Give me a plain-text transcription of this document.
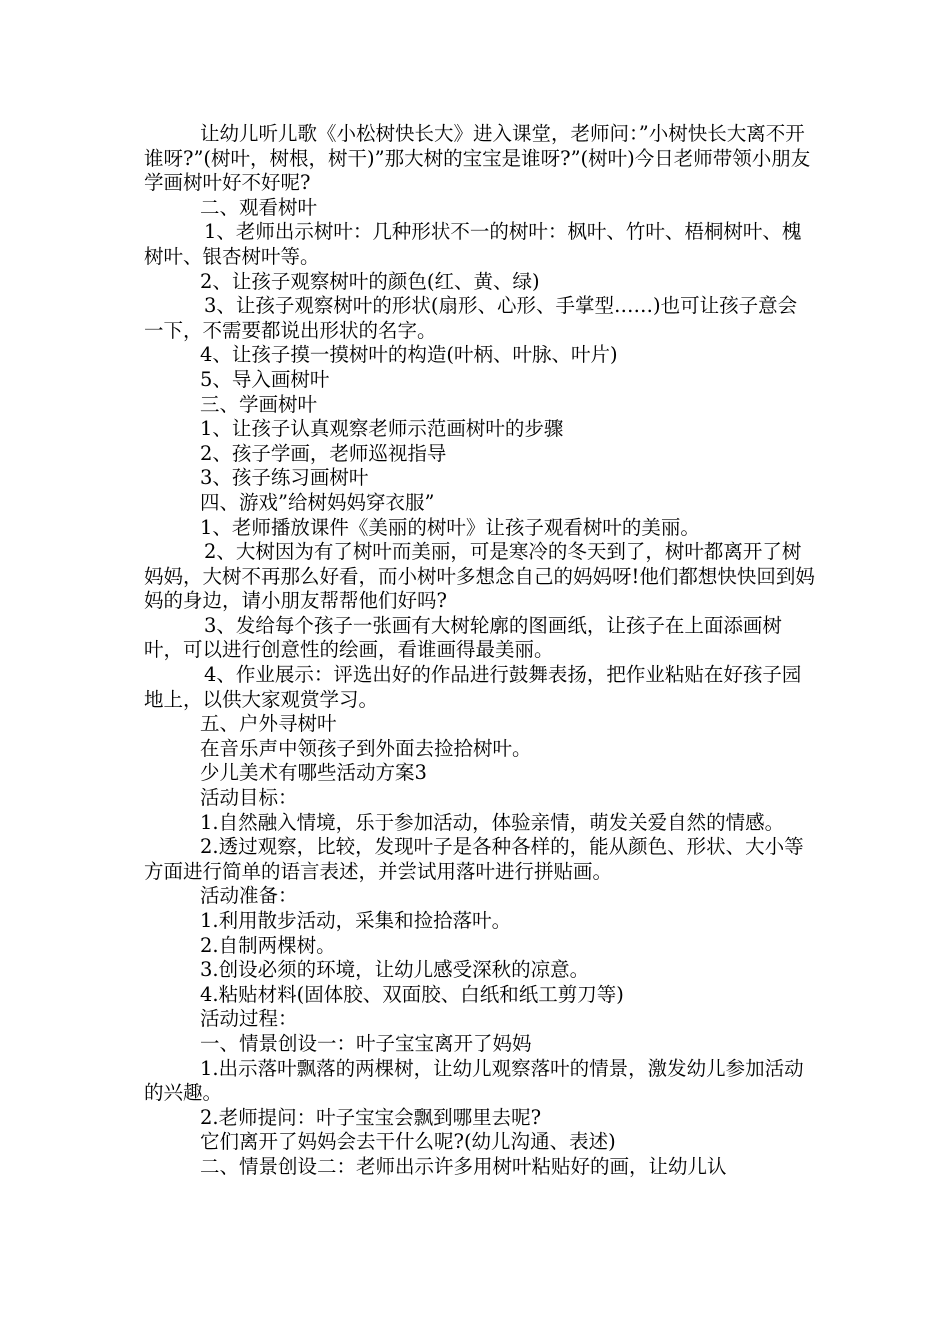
让幼儿听儿歌《小松树快长大》进入课堂，老师问：”小树快长大离不开谁呀?”(树叶，树根，树干)”那大树的宝宝是谁呀?”(树叶)今日老师带领小朋友学画树叶好不好呢?

二、观看树叶

1、老师出示树叶：几种形状不一的树叶：枫叶、竹叶、梧桐树叶、槐树叶、银杏树叶等。

2、让孩子观察树叶的颜色(红、黄、绿)

3、让孩子观察树叶的形状(扇形、心形、手掌型……)也可让孩子意会一下，不需要都说出形状的名字。

4、让孩子摸一摸树叶的构造(叶柄、叶脉、叶片)

5、导入画树叶

三、学画树叶

1、让孩子认真观察老师示范画树叶的步骤

2、孩子学画，老师巡视指导

3、孩子练习画树叶

四、游戏”给树妈妈穿衣服”

1、老师播放课件《美丽的树叶》让孩子观看树叶的美丽。

2、大树因为有了树叶而美丽，可是寒冷的冬天到了，树叶都离开了树妈妈，大树不再那么好看，而小树叶多想念自己的妈妈呀!他们都想快快回到妈妈的身边，请小朋友帮帮他们好吗?

3、发给每个孩子一张画有大树轮廓的图画纸，让孩子在上面添画树叶，可以进行创意性的绘画，看谁画得最美丽。

4、作业展示：评选出好的作品进行鼓舞表扬，把作业粘贴在好孩子园地上，以供大家观赏学习。

五、户外寻树叶

在音乐声中领孩子到外面去捡拾树叶。

少儿美术有哪些活动方案3

活动目标：

1.自然融入情境，乐于参加活动，体验亲情，萌发关爱自然的情感。

2.透过观察，比较，发现叶子是各种各样的，能从颜色、形状、大小等方面进行简单的语言表述，并尝试用落叶进行拼贴画。

活动准备：

1.利用散步活动，采集和捡拾落叶。

2.自制两棵树。

3.创设必须的环境，让幼儿感受深秋的凉意。

4.粘贴材料(固体胶、双面胶、白纸和纸工剪刀等)

活动过程：

一、情景创设一：叶子宝宝离开了妈妈

1.出示落叶飘落的两棵树，让幼儿观察落叶的情景，激发幼儿参加活动的兴趣。

2.老师提问：叶子宝宝会飘到哪里去呢?

它们离开了妈妈会去干什么呢?(幼儿沟通、表述)

二、情景创设二：老师出示许多用树叶粘贴好的画，让幼儿认
